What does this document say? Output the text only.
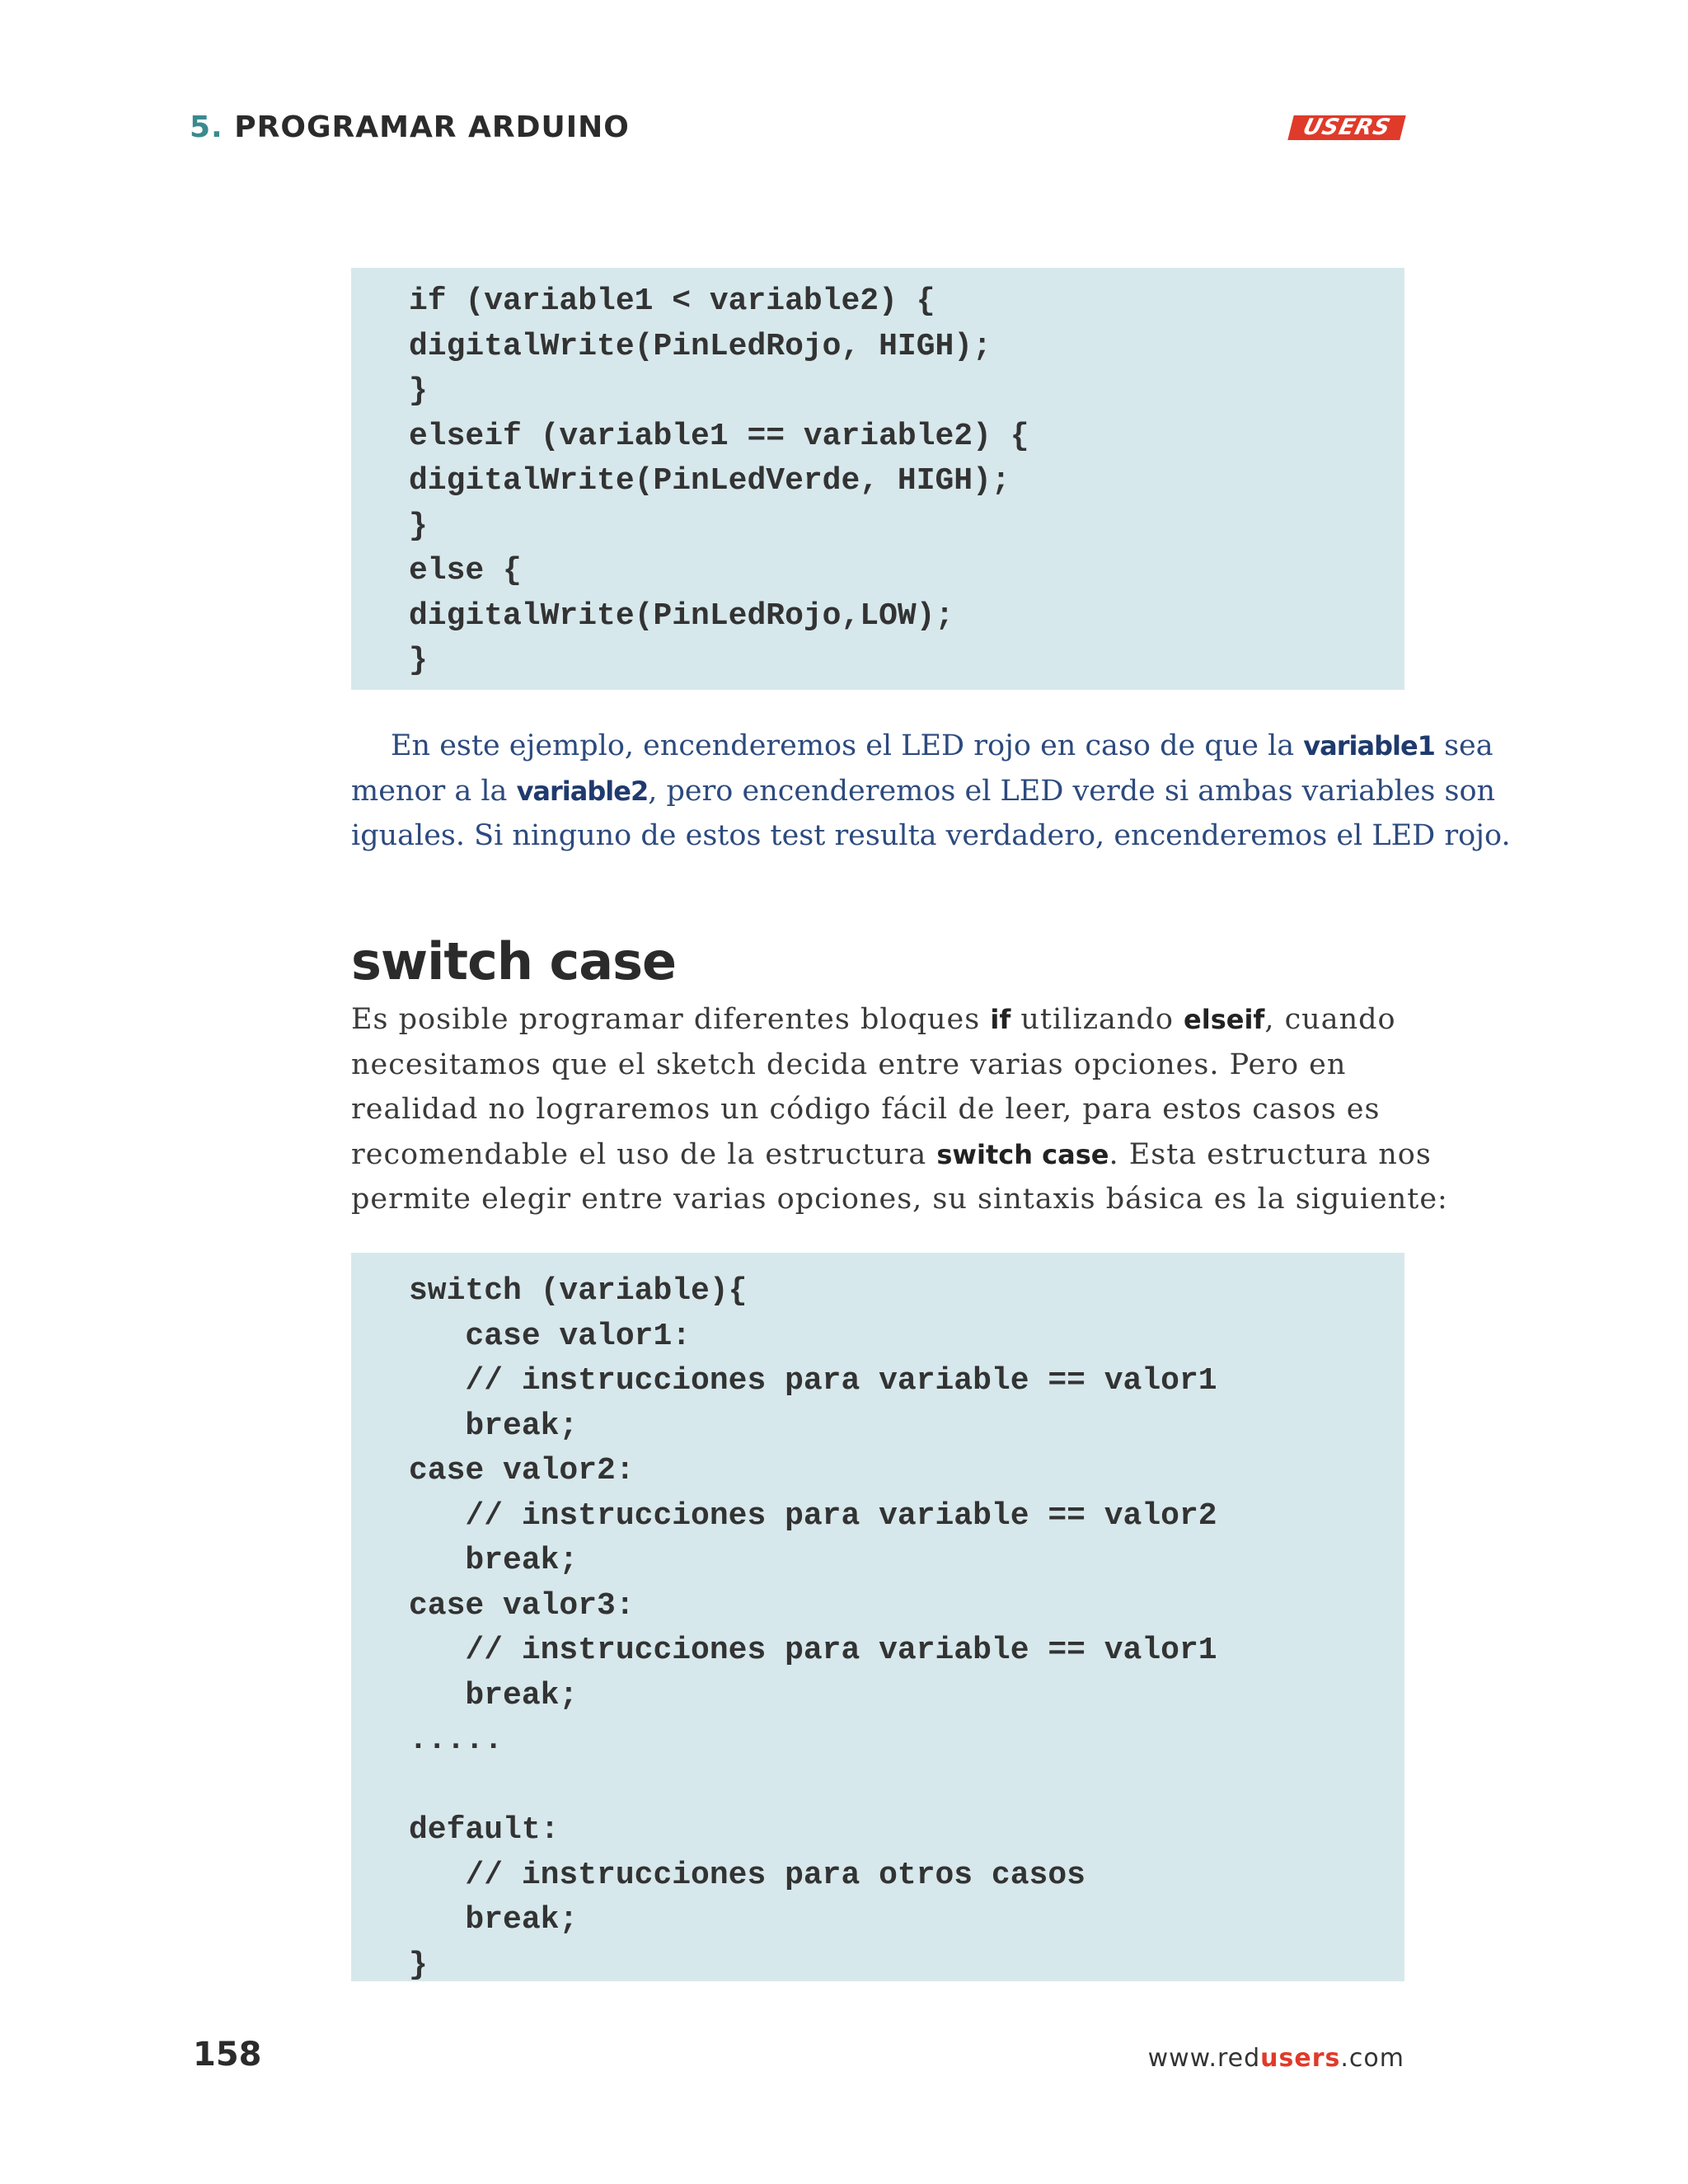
5. PROGRAMAR ARDUINO	USERS
if (variable1 < variable2) {
digitalWrite(PinLedRojo, HIGH);
}
elseif (variable1 == variable2) {
digitalWrite(PinLedVerde, HIGH);
}
else {
digitalWrite(PinLedRojo,LOW);
}
En este ejemplo, encenderemos el LED rojo en caso de que la variable1 sea
menor a la variable2, pero encenderemos el LED verde si ambas variables son
iguales. Si ninguno de estos test resulta verdadero, encenderemos el LED rojo.
switch case
Es posible programar diferentes bloques if utilizando elseif, cuando
necesitamos que el sketch decida entre varias opciones. Pero en
realidad no lograremos un código fácil de leer, para estos casos es
recomendable el uso de la estructura switch case. Esta estructura nos
permite elegir entre varias opciones, su sintaxis básica es la siguiente:
switch (variable){
case valor1:
// instrucciones para variable == valor1
break;
case valor2:
// instrucciones para variable == valor2
break;
case valor3:
// instrucciones para variable == valor1
break;
.....

default:
// instrucciones para otros casos
break;
}
158	www.redusers.com
